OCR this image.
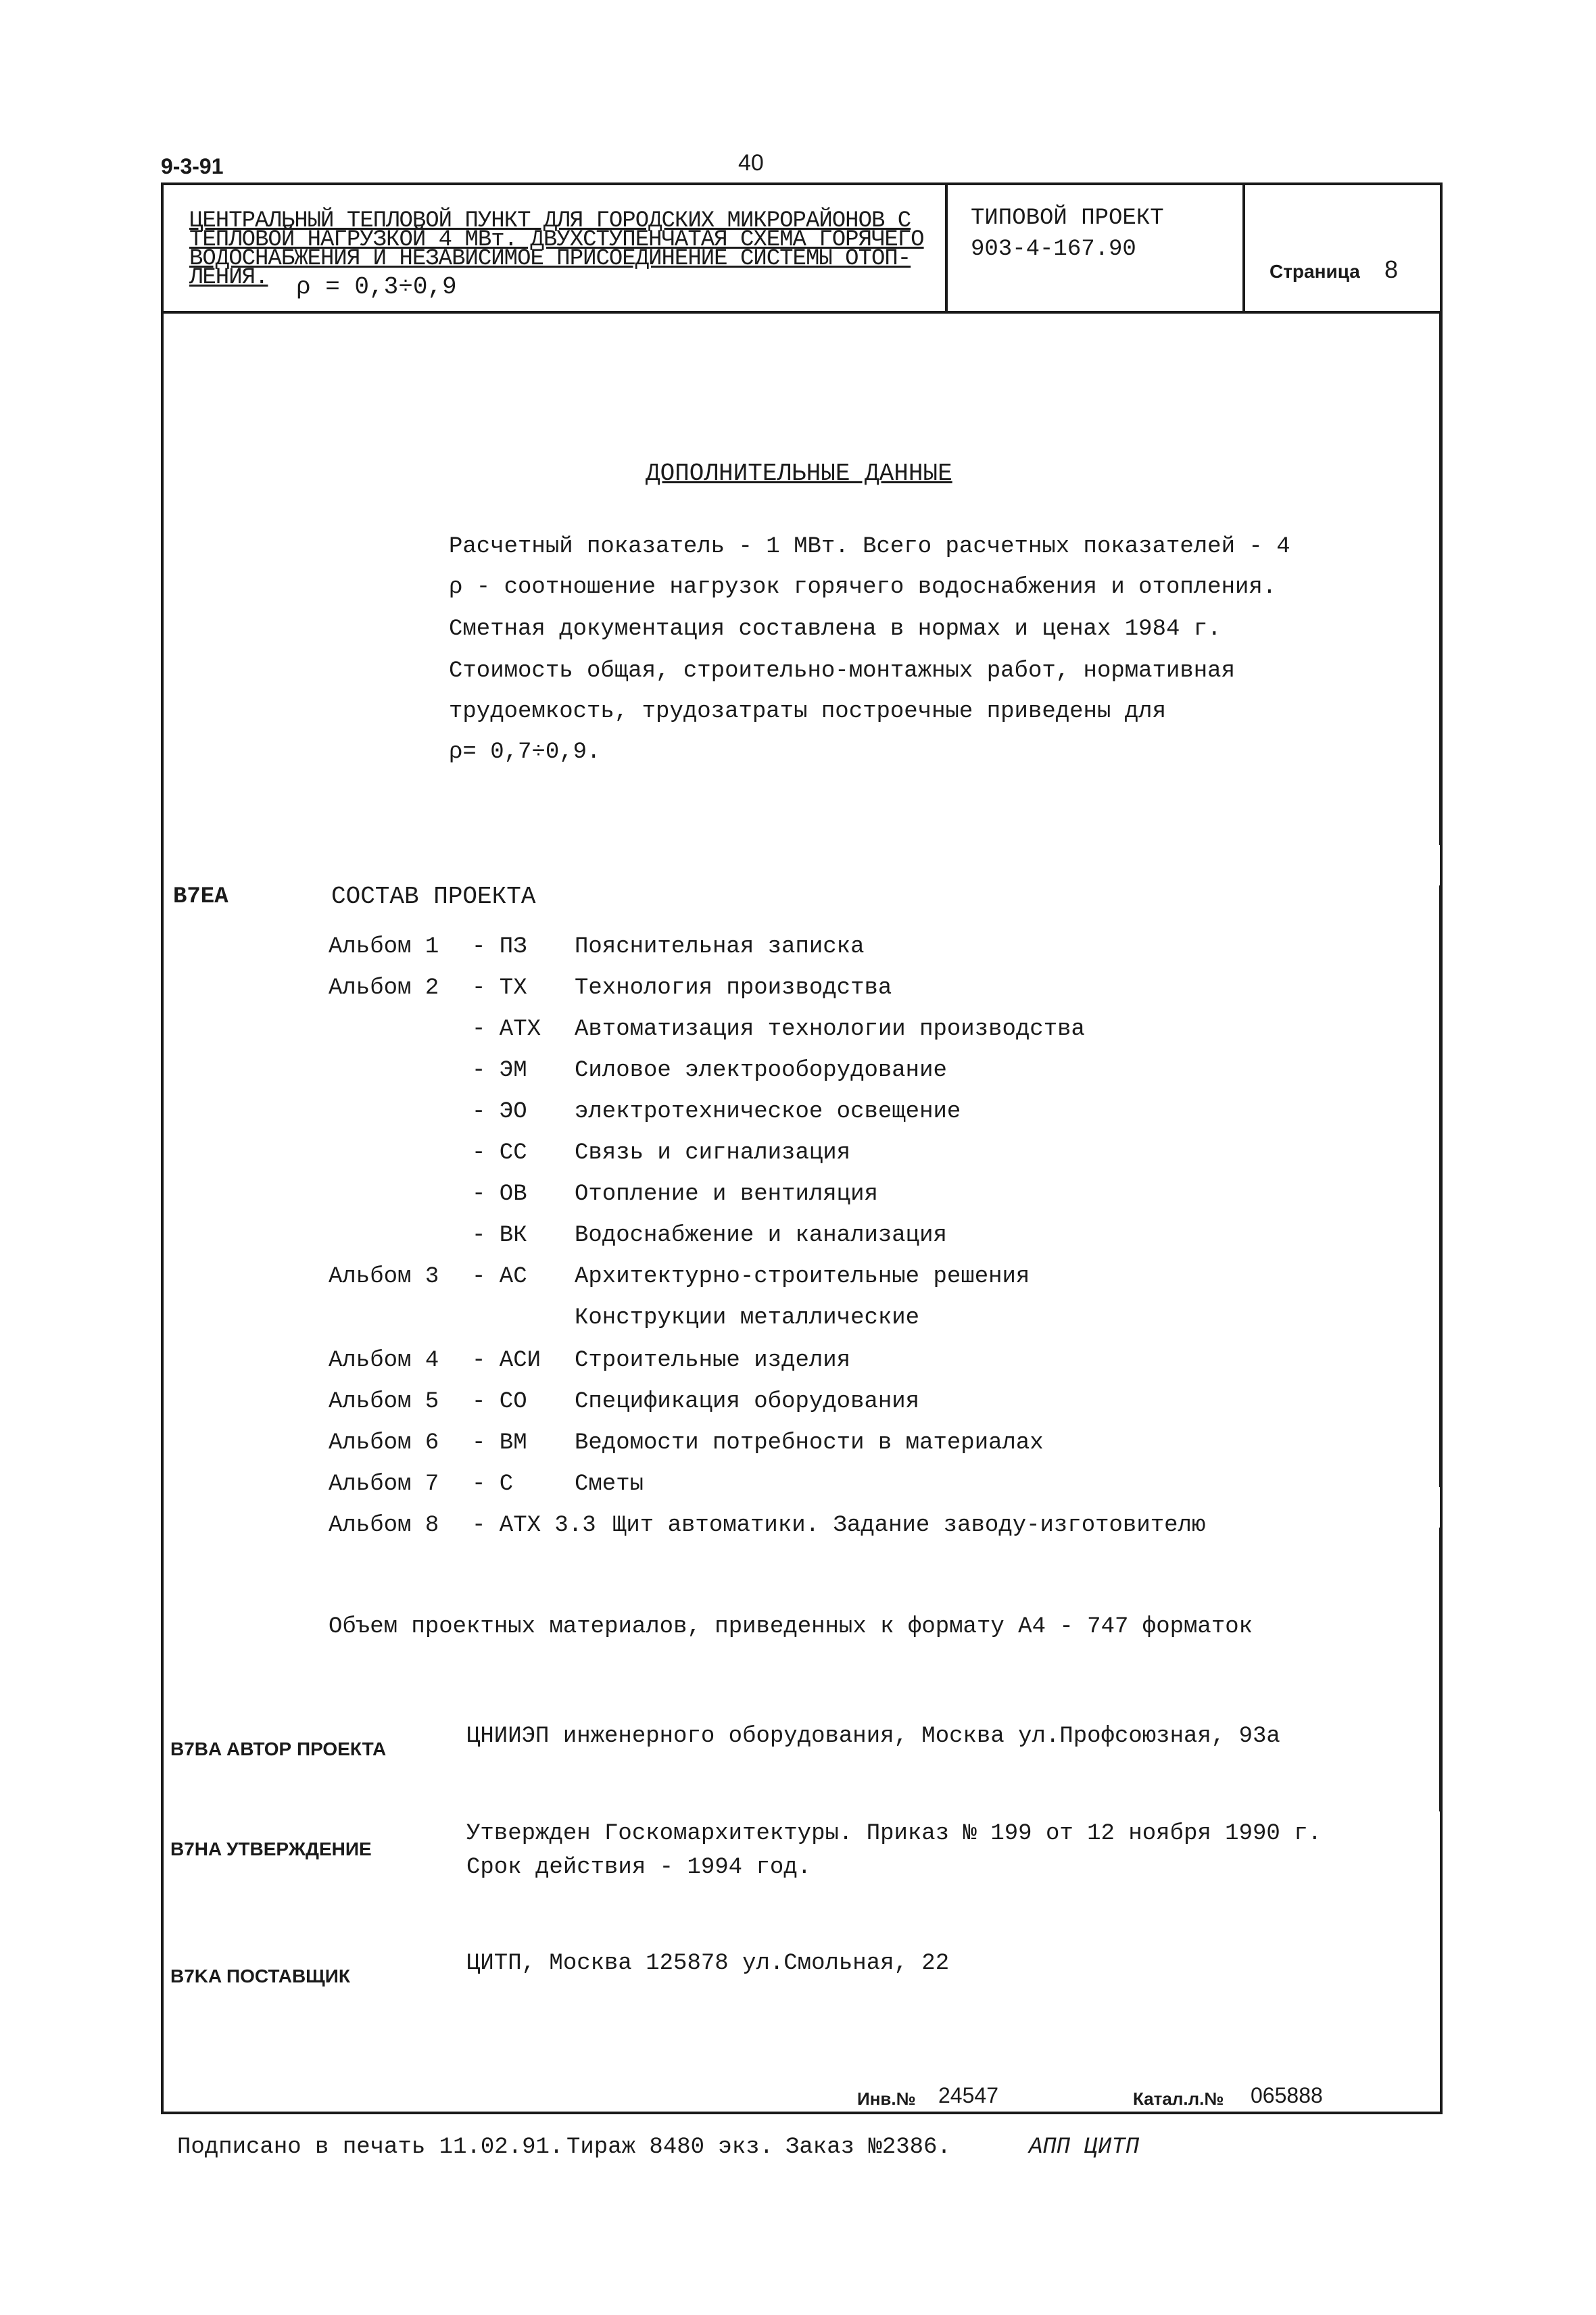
9-3-91	40
ЦЕНТРАЛЬНЫЙ ТЕПЛОВОЙ ПУНКТ ДЛЯ ГОРОДСКИХ МИКРОРАЙОНОВ С
ТЕПЛОВОЙ НАГРУЗКОЙ 4 МВт. ДВУХСТУПЕНЧАТАЯ СХЕМА ГОРЯЧЕГО
ВОДОСНАБЖЕНИЯ И НЕЗАВИСИМОЕ ПРИСОЕДИНЕНИЕ СИСТЕМЫ ОТОП-
ЛЕНИЯ. ρ = 0,3÷0,9
ТИПОВОЙ ПРОЕКТ
903-4-167.90
Страница 8
ДОПОЛНИТЕЛЬНЫЕ ДАННЫЕ
Расчетный показатель - 1 МВт. Всего расчетных показателей - 4
ρ - соотношение нагрузок горячего водоснабжения и отопления.
Сметная документация составлена в нормах и ценах 1984 г.
Стоимость общая, строительно-монтажных работ, нормативная
трудоемкость, трудозатраты построечные приведены для
ρ= 0,7÷0,9.
B7EA	СОСТАВ ПРОЕКТА
Альбом 1 - ПЗ Пояснительная записка
Альбом 2 - ТХ Технология производства
- АТХ Автоматизация технологии производства
- ЭМ Силовое электрооборудование
- ЭО электротехническое освещение
- СС Связь и сигнализация
- ОВ Отопление и вентиляция
- ВК Водоснабжение и канализация
Альбом 3 - АС Архитектурно-строительные решения
Конструкции металлические
Альбом 4 - АСИ Строительные изделия
Альбом 5 - СО Спецификация оборудования
Альбом 6 - ВМ Ведомости потребности в материалах
Альбом 7 - С	Сметы
Альбом 8 - АТХ 3.3 Щит автоматики. Задание заводу-изготовителю
Объем проектных материалов, приведенных к формату А4 - 747 форматок
B7BA АВТОР ПРОЕКТА	ЦНИИЭП инженерного оборудования, Москва ул.Профсоюзная, 93а
B7HA УТВЕРЖДЕНИЕ
Утвержден Госкомархитектуры. Приказ № 199 от 12 ноября 1990 г.
Срок действия - 1994 год.
B7KA ПОСТАВЩИК	ЦИТП, Москва 125878 ул.Смольная, 22
Инв.№ 24547	Катал.л.№ 065888
Подписано в печать 11.02.91. Тираж 8480 экз. Заказ №2386.	АПП ЦИТП
